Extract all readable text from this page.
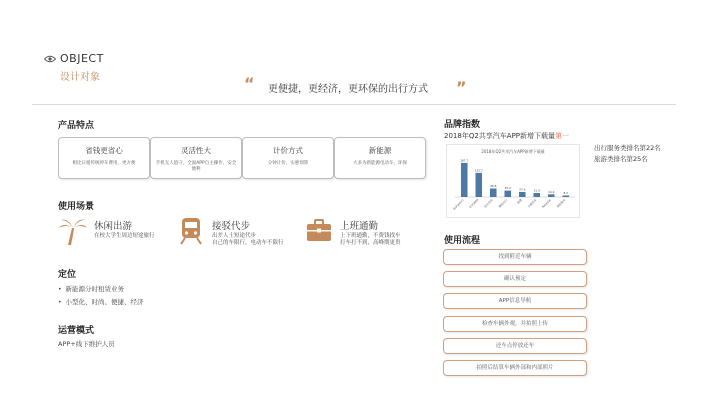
OBJECT
设计对象	“ 更便捷，更经济，更环保的出行方式 ”
产品特点
省钱更省心
相比日租传统停车费用，更方便
灵活性大
手机无人值守，全面APP自主操作，安全便利
计价方式
分钟计价，实惠划算
新能源
大多为新能源电动车，环保
使用场景
休闲出游
在校大学生周边短途旅行
接驳代步
出差人士短途代步
自己的车限行，电动车不限行
上班通勤
上下班通勤，不费钱找车
打车打不到，高峰期更贵
定位
• 新能源分时租赁业务
• 小型化、时尚、便捷、经济
运营模式
APP+线下维护人员
品牌指数
2018年Q2共享汽车APP新增下载量第一
2018年Q2共享汽车APP新增下载量
187.7
GoFun出行
132.7
EVCARD
46.8
盼达用车
35.2
摩范出行
27.6
途歌
21.9
小鹿用车
14.9
PonyCar
8.3
绿狗租车
出行服务类排名第22名
旅游类排名第25名
使用流程
找到附近车辆
确认预定
APP信息导航
检查车辆外观，并拍照上传
还车点停放还车
拍照后结算车辆外部和内部照片
